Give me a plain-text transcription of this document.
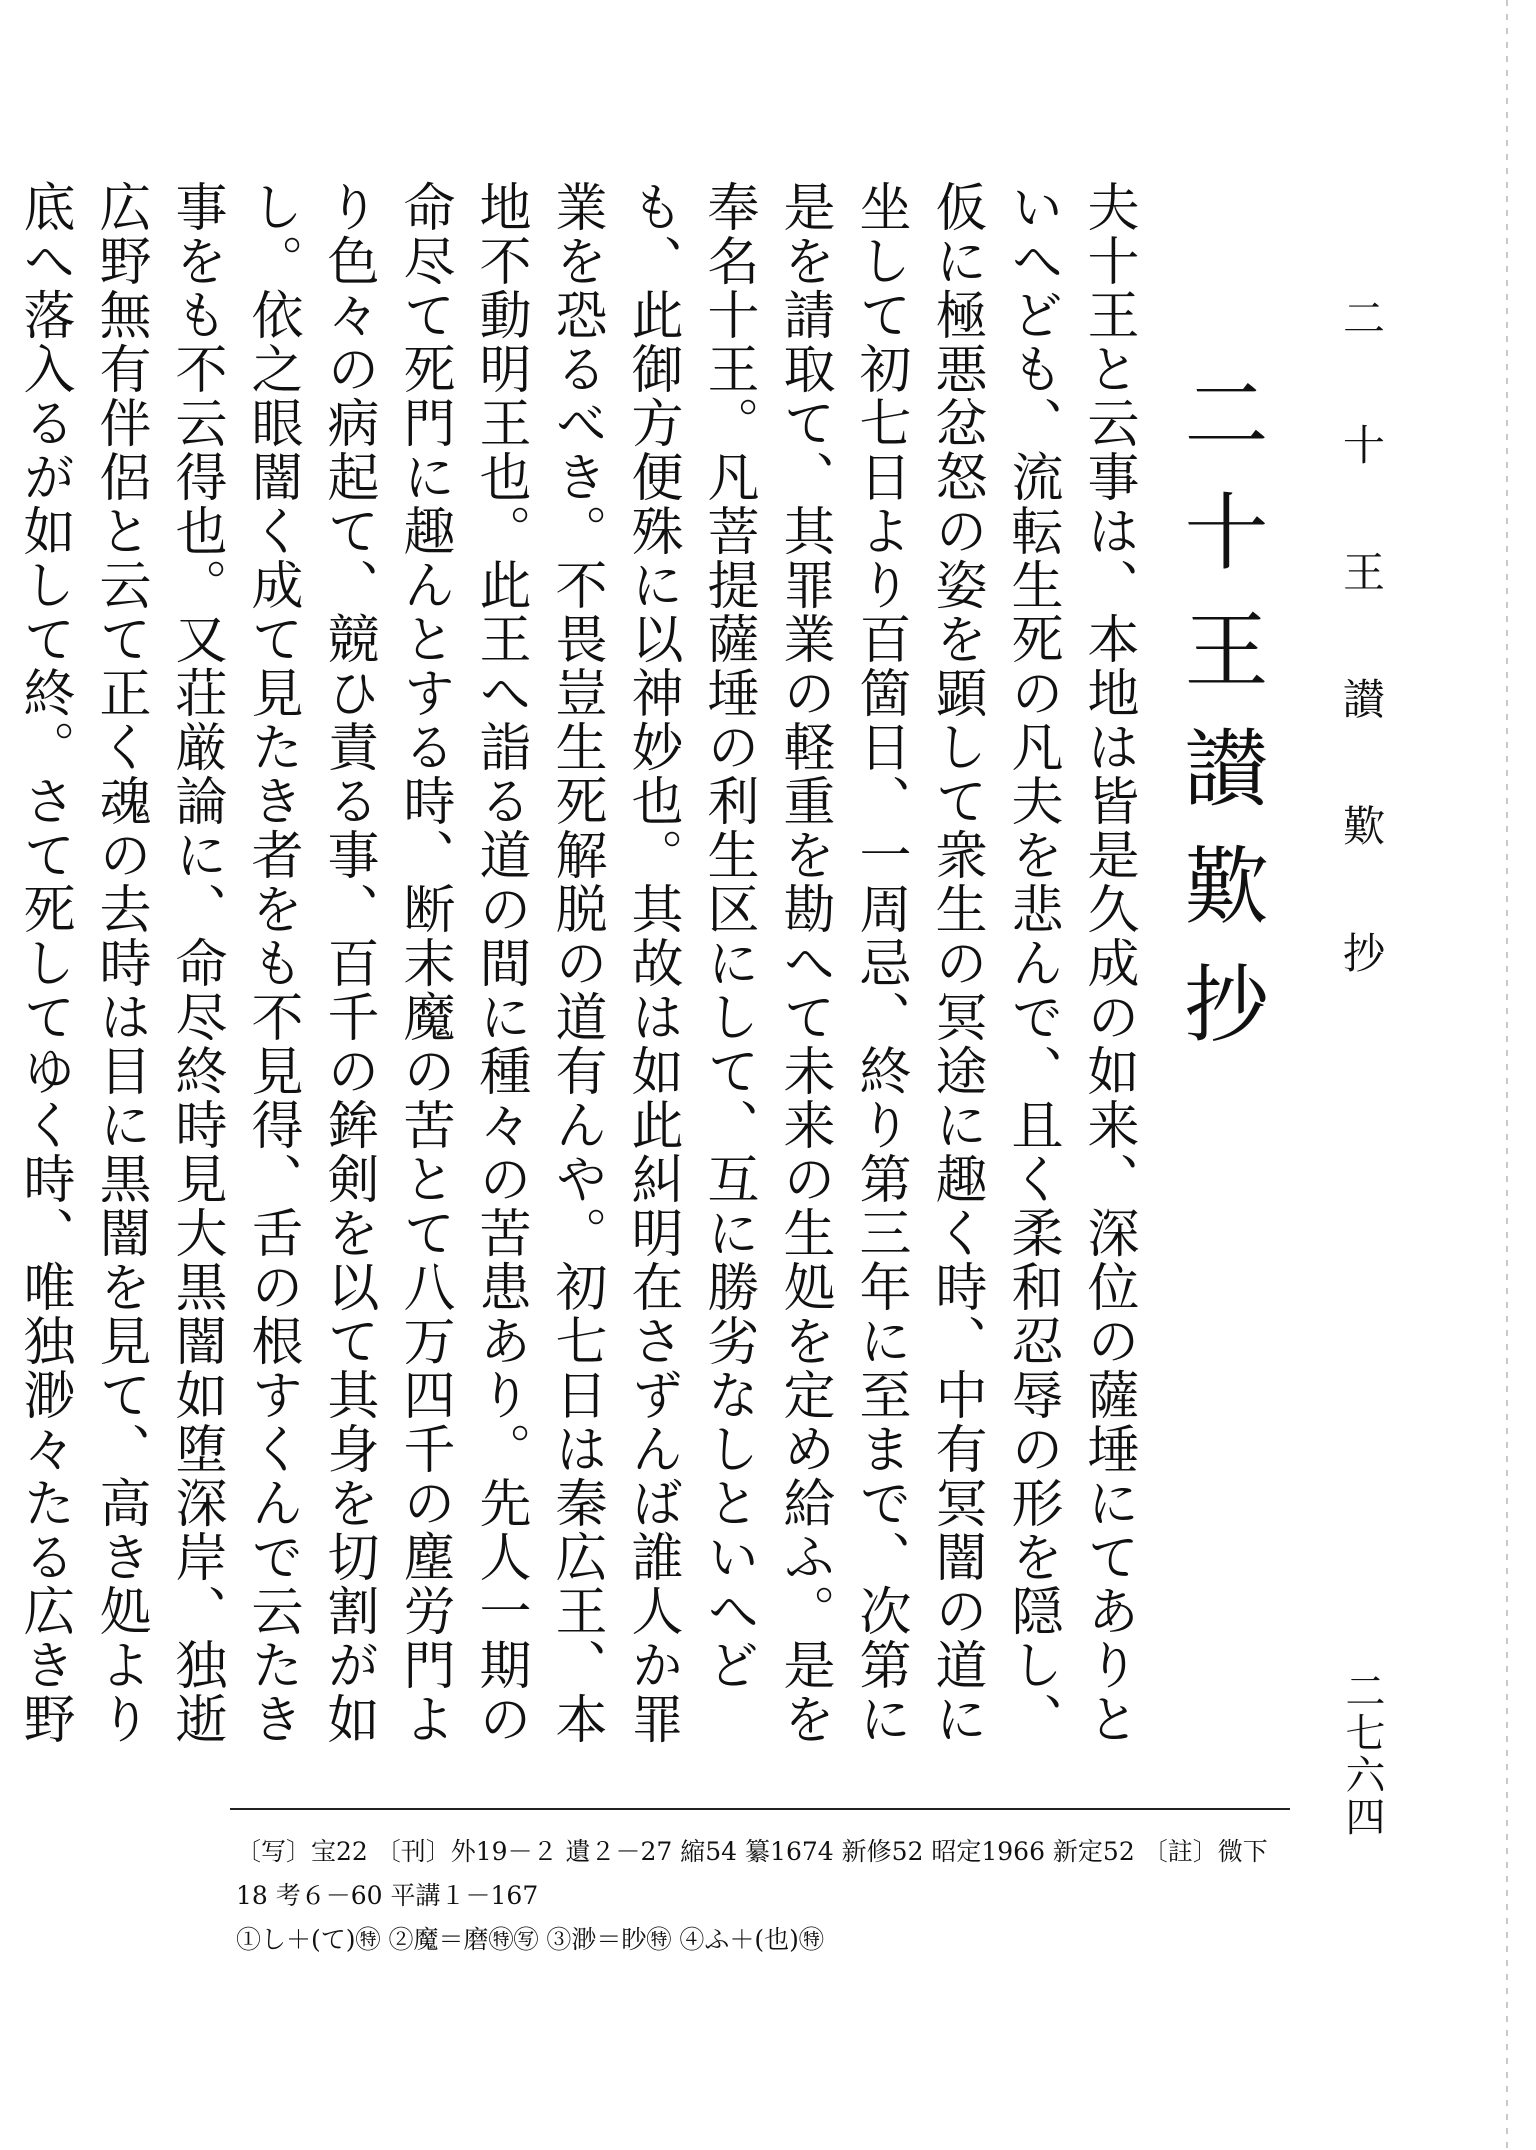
二 十 王 讃 歎 抄
二十王讃歎抄

夫十王と云事は、本地は皆是久成の如来、深位の薩埵にてありといへども、流転生死の凡夫を悲んで、且く柔和忍辱の形を隠し、仮に極悪忿怒の姿を顕して衆生の冥途に趣く時、中有冥闇の道に坐して初七日より百箇日、一周忌、終り第三年に至まで、次第に是を請取て、其罪業の軽重を勘へて未来の生処を定め給ふ。是を奉名十王。凡菩提薩埵の利生区にして、互に勝劣なしといへども、此御方便殊に以神妙也。其故は如此糾明在さずんば誰人か罪業を恐るべき。不畏豈生死解脱の道有んや。初七日は秦広王、本地不動明王也。此王へ詣る道の間に種々の苦患あり。先人一期の命尽て死門に趣んとする時、断末魔の苦とて八万四千の塵労門より色々の病起て、競ひ責る事、百千の鉾剣を以て其身を切割が如し。依之眼闇く成て見たき者をも不見得、舌の根すくんで云たき事をも不云得也。又荘厳論に、命尽終時見大黒闇如堕深岸、独逝広野無有伴侶と云て正く魂の去時は目に黒闇を見て、高き処より底へ落入るが如して終。さて死してゆく時、唯独渺々たる広き野	二七六四
〔写〕宝22 〔刊〕外19－２ 遺２－27 縮54 纂1674 新修52 昭定1966 新定52 〔註〕微下
18 考６－60 平講１－167
①し＋(て)㊕ ②魔＝磨㊕㊢ ③渺＝眇㊕ ④ふ＋(也)㊕
